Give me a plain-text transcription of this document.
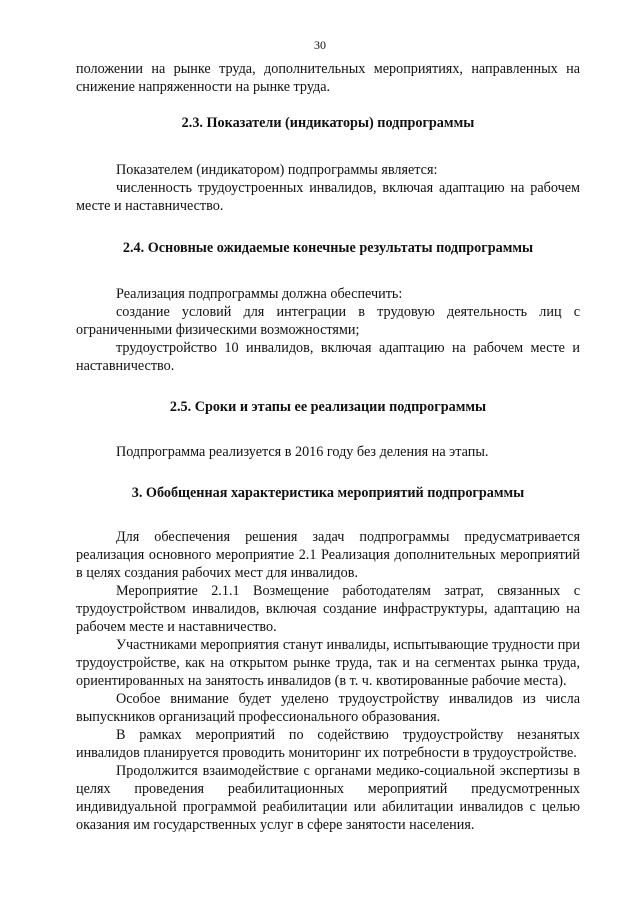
30

положении на рынке труда, дополнительных мероприятиях, направленных на снижение напряженности на рынке труда.

2.3. Показатели (индикаторы) подпрограммы

Показателем (индикатором) подпрограммы является:

численность трудоустроенных инвалидов, включая адаптацию на рабочем месте и наставничество.

2.4. Основные ожидаемые конечные результаты подпрограммы

Реализация подпрограммы должна обеспечить:

создание условий для интеграции в трудовую деятельность лиц с ограниченными физическими возможностями;

трудоустройство 10 инвалидов, включая адаптацию на рабочем месте и наставничество.

2.5. Сроки и этапы ее реализации подпрограммы

Подпрограмма реализуется в 2016 году без деления на этапы.

3. Обобщенная характеристика мероприятий подпрограммы

Для обеспечения решения задач подпрограммы предусматривается реализация основного мероприятие 2.1 Реализация дополнительных мероприятий в целях создания рабочих мест для инвалидов.

Мероприятие 2.1.1 Возмещение работодателям затрат, связанных с трудоустройством инвалидов, включая создание инфраструктуры, адаптацию на рабочем месте и наставничество.

Участниками мероприятия станут инвалиды, испытывающие трудности при трудоустройстве, как на открытом рынке труда, так и на сегментах рынка труда, ориентированных на занятость инвалидов (в т. ч. квотированные рабочие места).

Особое внимание будет уделено трудоустройству инвалидов из числа выпускников организаций профессионального образования.

В рамках мероприятий по содействию трудоустройству незанятых инвалидов планируется проводить мониторинг их потребности в трудоустройстве.

Продолжится взаимодействие с органами медико-социальной экспертизы в целях проведения реабилитационных мероприятий предусмотренных индивидуальной программой реабилитации или абилитации инвалидов с целью оказания им государственных услуг в сфере занятости населения.
